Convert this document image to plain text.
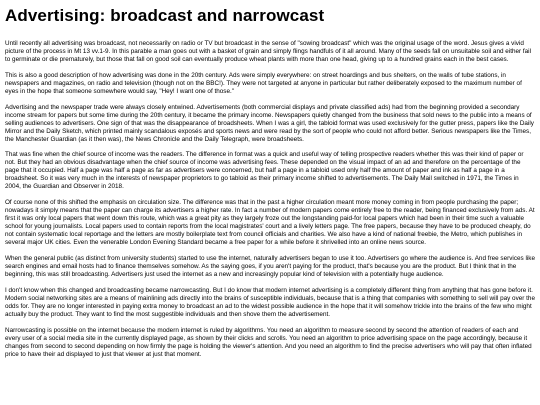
Advertising: broadcast and narrowcast

Until recently all advertising was broadcast, not necessarily on radio or TV but broadcast in the sense of "sowing broadcast" which was the original usage of the word. Jesus gives a vivid picture of the process in Mt 13 vv.1-9. In this parable a man goes out with a basket of grain and simply flings handfuls of it all around. Many of the seeds fall on unsuitable soil and either fail to germinate or die prematurely, but those that fall on good soil can eventually produce wheat plants with more than one head, giving up to a hundred grains each in the best cases.

This is also a good description of how advertising was done in the 20th century. Ads were simply everywhere: on street hoardings and bus shelters, on the walls of tube stations, in newspapers and magazines, on radio and television (though not on the BBC!). They were not targeted at anyone in particular but rather deliberately exposed to the maximum number of eyes in the hope that someone somewhere would say, "Hey! I want one of those."

Advertising and the newspaper trade were always closely entwined. Advertisements (both commercial displays and private classified ads) had from the beginning provided a secondary income stream for papers but some time during the 20th century, it became the primary income. Newspapers quietly changed from the business that sold news to the public into a means of selling audiences to advertisers. One sign of that was the disappearance of broadsheets. When I was a girl, the tabloid format was used exclusively for the gutter press, papers like the Daily Mirror and the Daily Sketch, which printed mainly scandalous exposés and sports news and were read by the sort of people who could not afford better. Serious newspapers like the Times, the Manchester Guardian (as it then was), the News Chronicle and the Daily Telegraph, were broadsheets.

That was fine when the chief source of income was the readers. The difference in format was a quick and useful way of telling prospective readers whether this was their kind of paper or not. But they had an obvious disadvantage when the chief source of income was advertising fees. These depended on the visual impact of an ad and therefore on the percentage of the page that it occupied. Half a page was half a page as far as advertisers were concerned, but half a page in a tabloid used only half the amount of paper and ink as half a page in a broadsheet. So it was very much in the interests of newspaper proprietors to go tabloid as their primary income shifted to advertisements. The Daily Mail switched in 1971, the Times in 2004, the Guardian and Observer in 2018.

Of course none of this shifted the emphasis on circulation size. The difference was that in the past a higher circulation meant more money coming in from people purchasing the paper; nowadays it simply means that the paper can charge its advertisers a higher rate. In fact a number of modern papers come entirely free to the reader, being financed exclusively from ads. At first it was only local papers that went down this route, which was a great pity as they largely froze out the longstanding paid-for local papers which had been in their time such a valuable school for young journalists. Local papers used to contain reports from the local magistrates' court and a lively letters page. The free papers, because they have to be produced cheaply, do not contain systematic local reportage and the letters are mostly boilerplate text from council officials and charities. We also have a kind of national freebie, the Metro, which publishes in several major UK cities. Even the venerable London Evening Standard became a free paper for a while before it shrivelled into an online news source.

When the general public (as distinct from university students) started to use the internet, naturally advertisers began to use it too. Advertisers go where the audience is. And free services like search engines and email hosts had to finance themselves somehow. As the saying goes, if you aren't paying for the product, that's because you are the product. But I think that in the beginning, this was still broadcasting. Advertisers just used the internet as a new and increasingly popular kind of television with a potentially huge audience.

I don't know when this changed and broadcasting became narrowcasting. But I do know that modern internet advertising is a completely different thing from anything that has gone before it. Modern social networking sites are a means of mainlining ads directly into the brains of susceptible individuals, because that is a thing that companies with something to sell will pay over the odds for. They are no longer interested in paying extra money to broadcast an ad to the widest possible audience in the hope that it will somehow trickle into the brains of the few who might actually buy the product. They want to find the most suggestible individuals and then shove them the advertisement.

Narrowcasting is possible on the internet because the modern internet is ruled by algorithms. You need an algorithm to measure second by second the attention of readers of each and every user of a social media site in the currently displayed page, as shown by their clicks and scrolls. You need an algorithm to price advertising space on the page accordingly, because it changes from second to second depending on how firmly the page is holding the viewer's attention. And you need an algorithm to find the precise advertisers who will pay that often inflated price to have their ad displayed to just that viewer at just that moment.
